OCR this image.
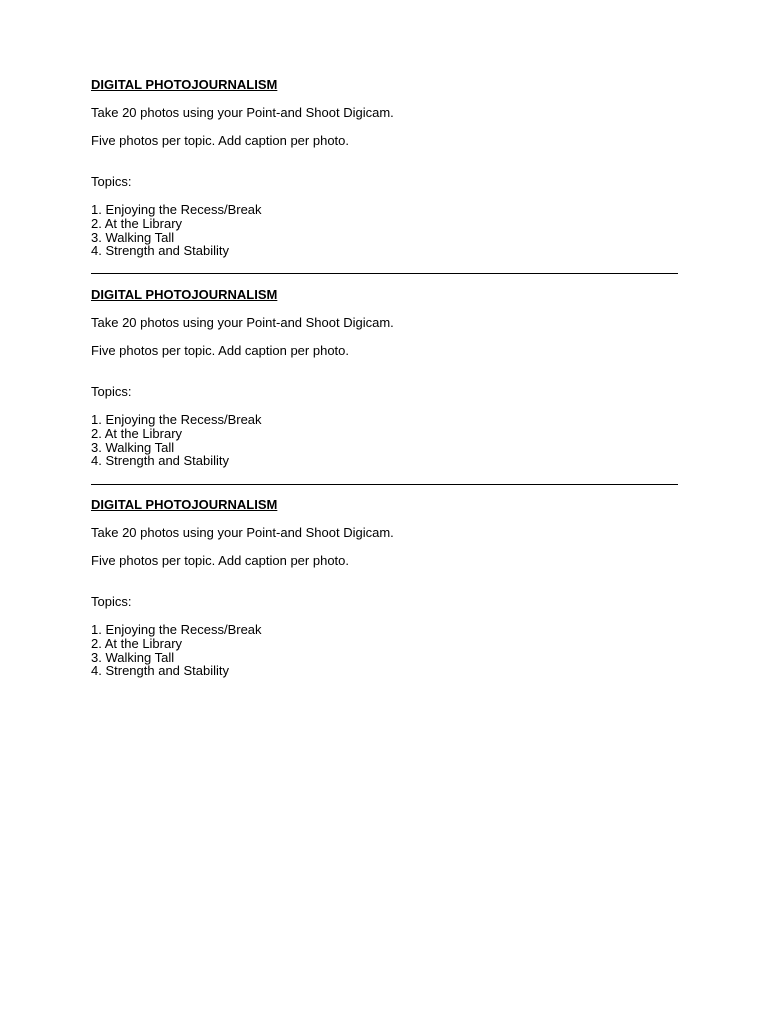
DIGITAL PHOTOJOURNALISM

Take 20 photos using your Point-and Shoot Digicam.

Five photos per topic. Add caption per photo.

Topics:

1. Enjoying the Recess/Break
2. At the Library
3. Walking Tall
4. Strength and Stability

DIGITAL PHOTOJOURNALISM

Take 20 photos using your Point-and Shoot Digicam.

Five photos per topic. Add caption per photo.

Topics:

1. Enjoying the Recess/Break
2. At the Library
3. Walking Tall
4. Strength and Stability

DIGITAL PHOTOJOURNALISM

Take 20 photos using your Point-and Shoot Digicam.

Five photos per topic. Add caption per photo.

Topics:

1. Enjoying the Recess/Break
2. At the Library
3. Walking Tall
4. Strength and Stability
